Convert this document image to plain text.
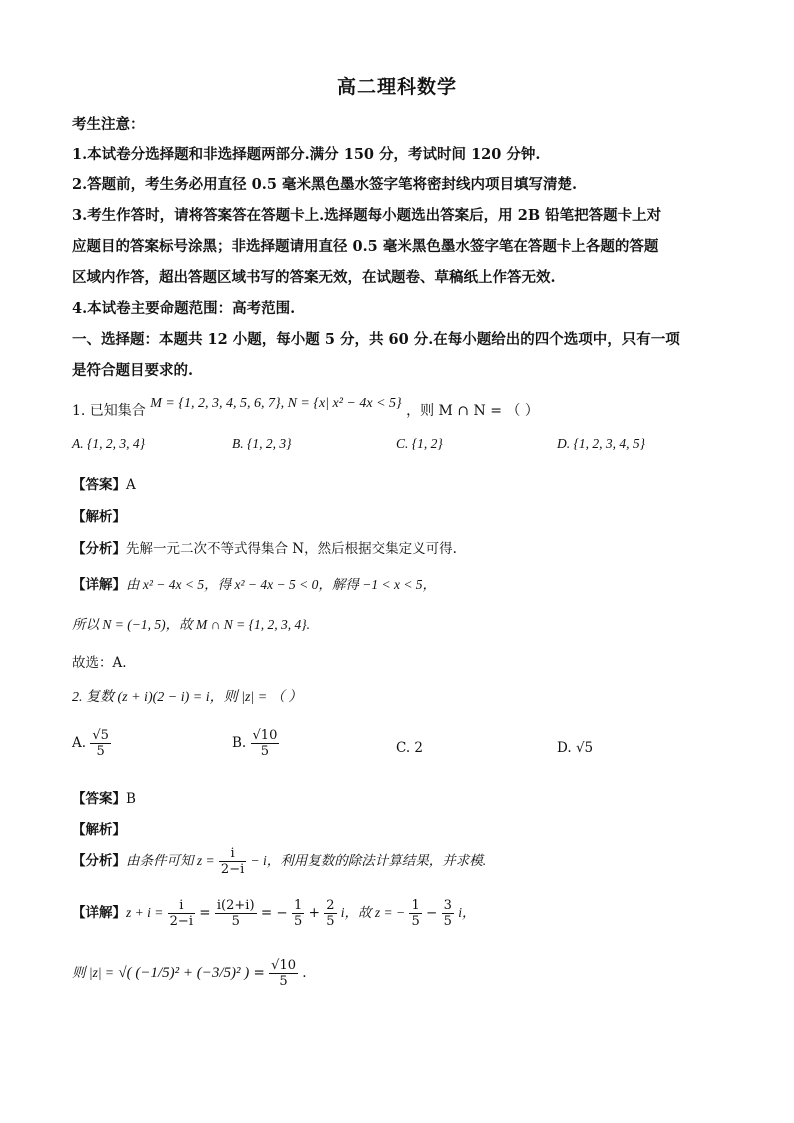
高二理科数学
考生注意：
1.本试卷分选择题和非选择题两部分.满分 150 分，考试时间 120 分钟.
2.答题前，考生务必用直径 0.5 毫米黑色墨水签字笔将密封线内项目填写清楚.
3.考生作答时，请将答案答在答题卡上.选择题每小题选出答案后，用 2B 铅笔把答题卡上对
应题目的答案标号涂黑；非选择题请用直径 0.5 毫米黑色墨水签字笔在答题卡上各题的答题
区域内作答，超出答题区域书写的答案无效，在试题卷、草稿纸上作答无效.
4.本试卷主要命题范围：高考范围.
一、选择题：本题共 12 小题，每小题 5 分，共 60 分.在每小题给出的四个选项中，只有一项
是符合题目要求的.
1. 已知集合 M = {1, 2, 3, 4, 5, 6, 7}, N = {x| x² − 4x < 5} ，则 M ∩ N = （ ）
A. {1, 2, 3, 4}	B. {1, 2, 3}	C. {1, 2}	D. {1, 2, 3, 4, 5}
【答案】A
【解析】
【分析】先解一元二次不等式得集合 N，然后根据交集定义可得.
【详解】由 x² − 4x < 5，得 x² − 4x − 5 < 0，解得 −1 < x < 5，
所以 N = (−1, 5)，故 M ∩ N = {1, 2, 3, 4}.
故选：A.
2. 复数 (z + i)(2 − i) = i，则 |z| = （ ）
A. $\frac{√5}{5}$	B. $\frac{√10}{5}$	C. 2	D. √5
【答案】B
【解析】
【分析】由条件可知 $z = \frac{i}{2-i} - i$，利用复数的除法计算结果，并求模.
【详解】$z + i = \frac{i}{2-i} = \frac{i(2+i)}{5}$ = − $\frac{1}{5} + \frac{2}{5}$ i，故 z = − $\frac{1}{5} - \frac{3}{5}$ i，
则 |z| = √( (−1/5)² + (−3/5)² ) = $\frac{√10}{5}$ .
